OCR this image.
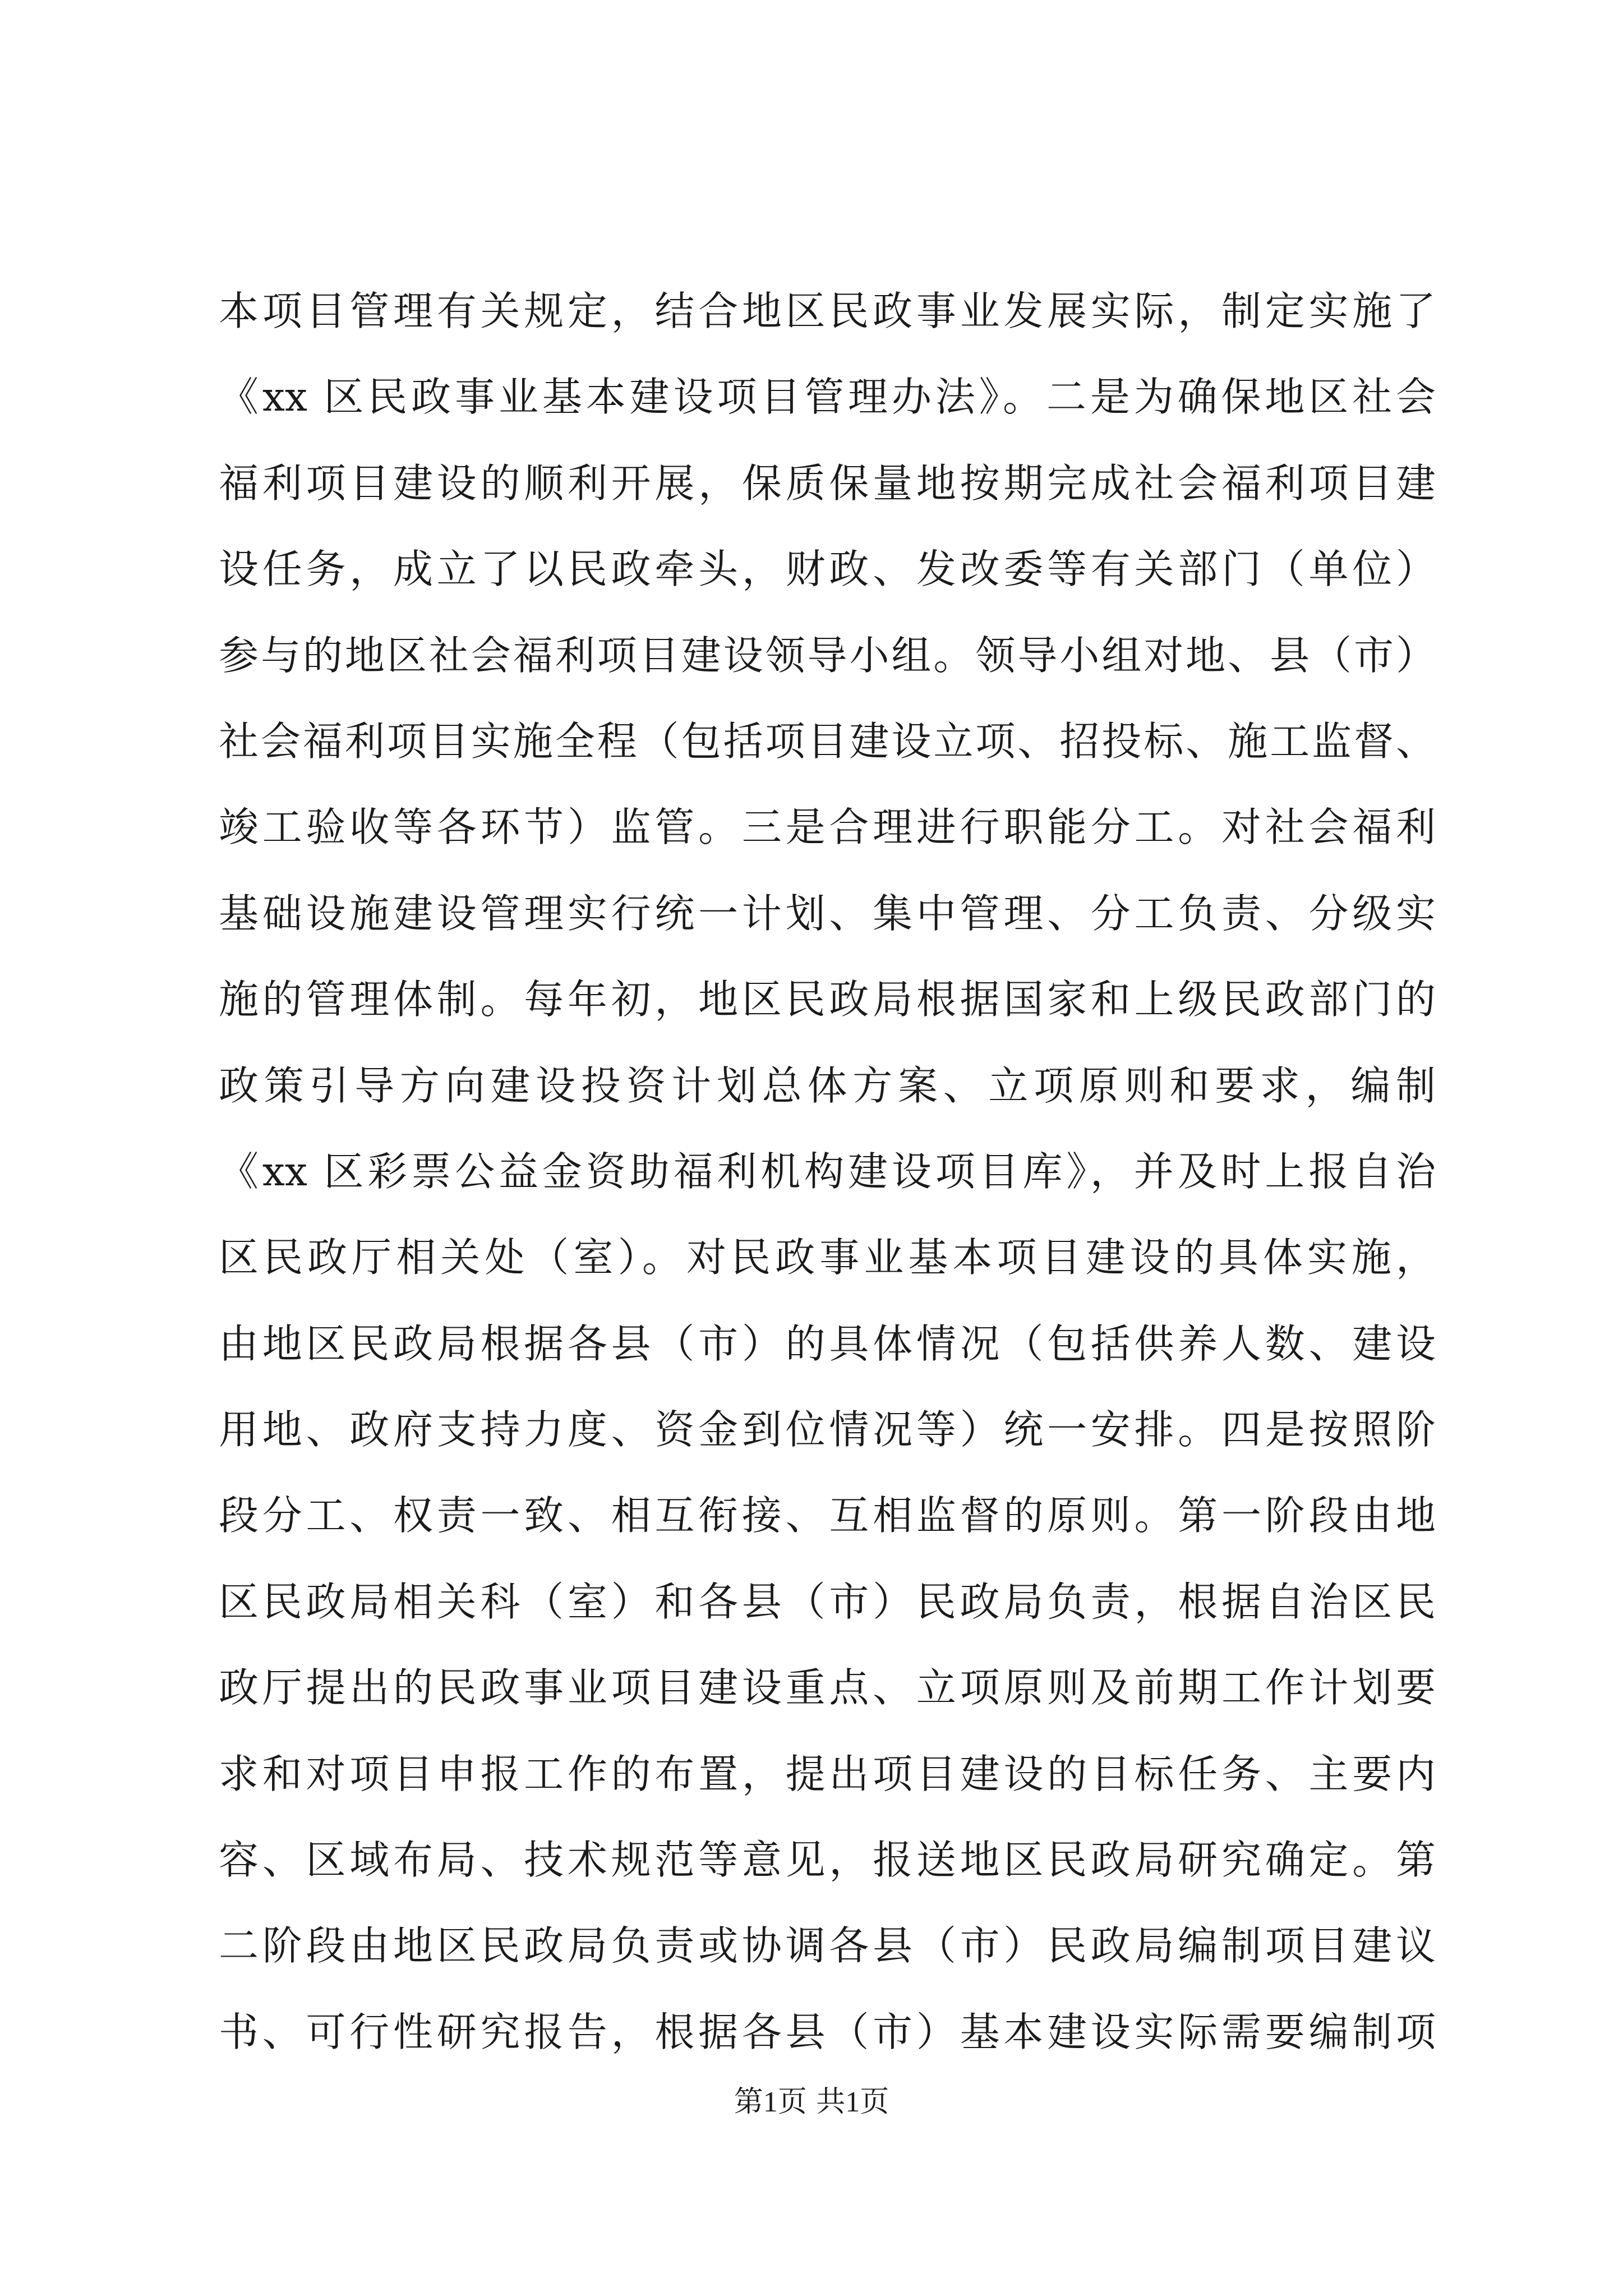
本项目管理有关规定，结合地区民政事业发展实际，制定实施了
《xx 区民政事业基本建设项目管理办法》。二是为确保地区社会
福利项目建设的顺利开展，保质保量地按期完成社会福利项目建
设任务，成立了以民政牵头，财政、发改委等有关部门（单位）
参与的地区社会福利项目建设领导小组。领导小组对地、县（市）
社会福利项目实施全程（包括项目建设立项、招投标、施工监督、
竣工验收等各环节）监管。三是合理进行职能分工。对社会福利
基础设施建设管理实行统一计划、集中管理、分工负责、分级实
施的管理体制。每年初，地区民政局根据国家和上级民政部门的
政策引导方向建设投资计划总体方案、立项原则和要求，编制
《xx 区彩票公益金资助福利机构建设项目库》，并及时上报自治
区民政厅相关处（室）。对民政事业基本项目建设的具体实施，
由地区民政局根据各县（市）的具体情况（包括供养人数、建设
用地、政府支持力度、资金到位情况等）统一安排。四是按照阶
段分工、权责一致、相互衔接、互相监督的原则。第一阶段由地
区民政局相关科（室）和各县（市）民政局负责，根据自治区民
政厅提出的民政事业项目建设重点、立项原则及前期工作计划要
求和对项目申报工作的布置，提出项目建设的目标任务、主要内
容、区域布局、技术规范等意见，报送地区民政局研究确定。第
二阶段由地区民政局负责或协调各县（市）民政局编制项目建议
书、可行性研究报告，根据各县（市）基本建设实际需要编制项
第1页 共1页
